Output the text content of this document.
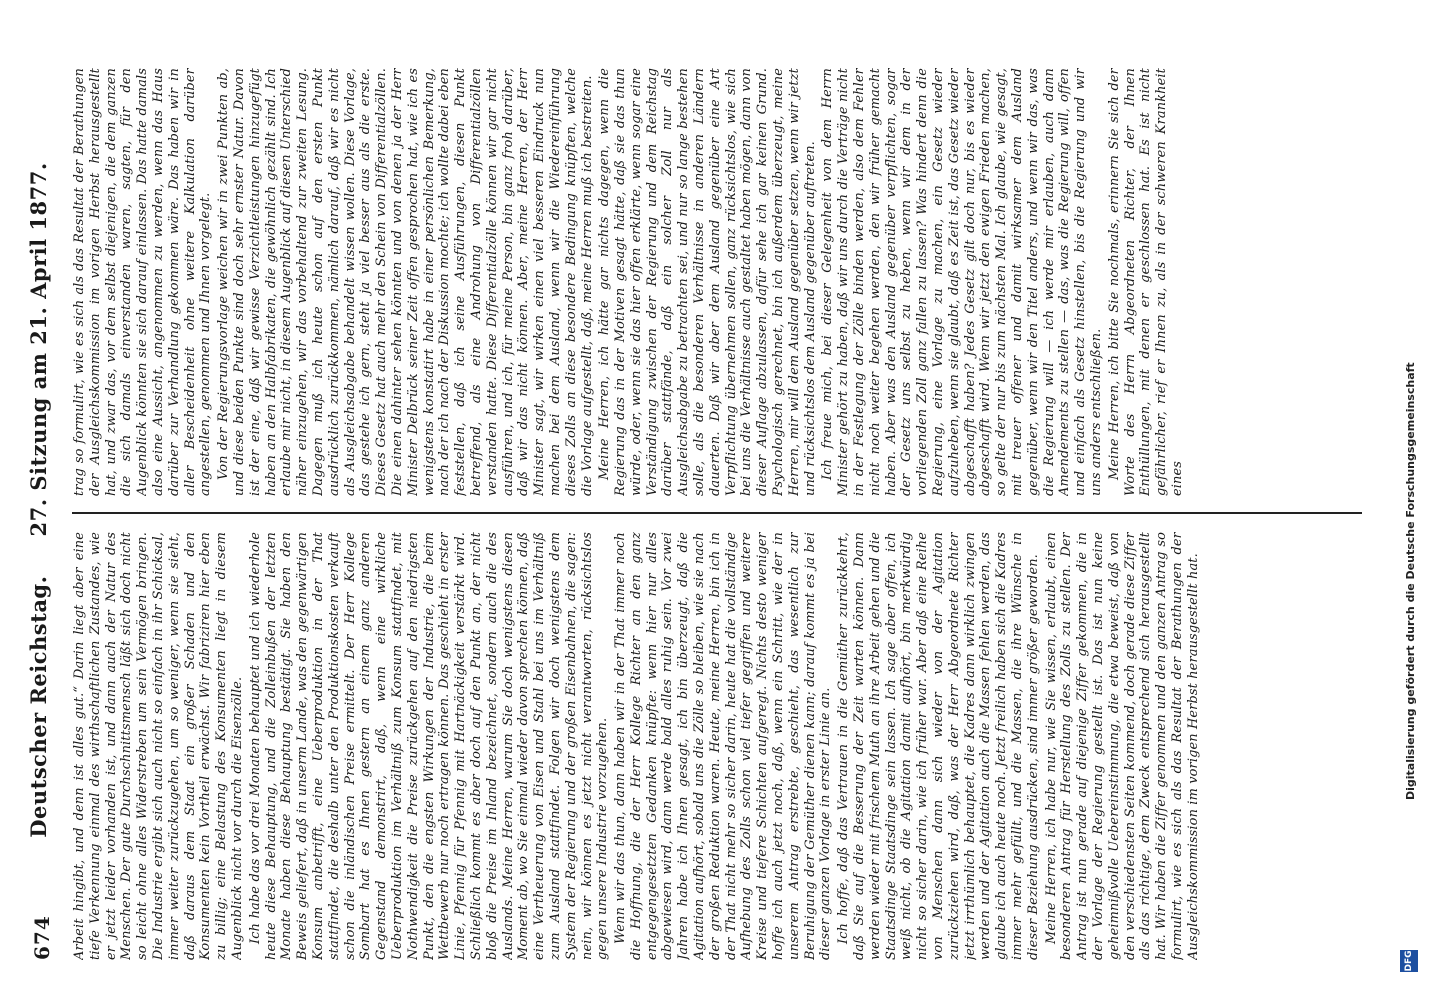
674
Deutscher Reichstag.     27. Sitzung am 21. April 1877.

Arbeit hingibt, und denn ist alles gut.“ Darin liegt aber eine tiefe Verkennung einmal des wirthschaftlichen Zustandes, wie er jetzt leider vorhanden ist, und dann auch der Natur des Menschen. Der gute Durchschnittsmensch läßt sich doch nicht so leicht ohne alles Widerstreben um sein Vermögen bringen. Die Industrie ergibt sich auch nicht so einfach in ihr Schicksal, immer weiter zurückzugehen, um so weniger, wenn sie sieht, daß daraus dem Staat ein großer Schaden und den Konsumenten kein Vortheil erwächst. Wir fabriziren hier eben zu billig; eine Belastung des Konsumenten liegt in diesem Augenblick nicht vor durch die Eisenzölle. Ich habe das vor drei Monaten behauptet und ich wiederhole heute diese Behauptung, und die Zolleinbußen der letzten Monate haben diese Behauptung bestätigt. Sie haben den Beweis geliefert, daß in unserm Lande, was den gegenwärtigen Konsum anbetrifft, eine Ueberproduktion in der That stattfindet, die deshalb unter den Produktionskosten verkauft schon die inländischen Preise ermittelt. Der Herr Kollege Sombart hat es Ihnen gestern an einem ganz anderen Gegenstand demonstrirt, daß, wenn eine wirkliche Ueberproduktion im Verhältniß zum Konsum stattfindet, mit Nothwendigkeit die Preise zurückgehen auf den niedrigsten Punkt, den die engsten Wirkungen der Industrie, die beim Wettbewerb nur noch ertragen können. Das geschieht in erster Linie, Pfennig für Pfennig mit Hartnäckigkeit verstärkt wird. Schließlich kommt es aber doch auf den Punkt an, der nicht bloß die Preise im Inland bezeichnet, sondern auch die des Auslands. Meine Herren, warum Sie doch wenigstens diesen Moment ab, wo Sie einmal wieder davon sprechen können, daß eine Vertheuerung von Eisen und Stahl bei uns im Verhältniß zum Ausland stattfindet. Folgen wir doch wenigstens dem System der Regierung und der großen Eisenbahnen, die sagen: nein, wir können es jetzt nicht verantworten, rücksichtslos gegen unsere Industrie vorzugehen. Wenn wir das thun, dann haben wir in der That immer noch die Hoffnung, die der Herr Kollege Richter an den ganz entgegengesetzten Gedanken knüpfte: wenn hier nur alles abgewiesen wird, dann werde bald alles ruhig sein. Vor zwei Jahren habe ich Ihnen gesagt, ich bin überzeugt, daß die Agitation aufhört, sobald uns die Zölle so bleiben, wie sie nach der großen Reduktion waren. Heute, meine Herren, bin ich in der That nicht mehr so sicher darin, heute hat die vollständige Aufhebung des Zolls schon viel tiefer gegriffen und weitere Kreise und tiefere Schichten aufgeregt. Nichts desto weniger hoffe ich auch jetzt noch, daß, wenn ein Schritt, wie der in unserem Antrag erstrebte, geschieht, das wesentlich zur Beruhigung der Gemüther dienen kann; darauf kommt es ja bei dieser ganzen Vorlage in erster Linie an. Ich hoffe, daß das Vertrauen in die Gemüther zurückkehrt, daß Sie auf die Besserung der Zeit warten können. Dann werden wieder mit frischem Muth an ihre Arbeit gehen und die Staatsdinge Staatsdinge sein lassen. Ich sage aber offen, ich weiß nicht, ob die Agitation damit aufhört, bin merkwürdig nicht so sicher darin, wie ich früher war. Aber daß eine Reihe von Menschen dann sich wieder von der Agitation zurückziehen wird, daß, was der Herr Abgeordnete Richter jetzt irrthümlich behauptet, die Kadres dann wirklich zwingen werden und der Agitation auch die Massen fehlen werden, das glaube ich auch heute noch. Jetzt freilich haben sich die Kadres immer mehr gefüllt, und die Massen, die ihre Wünsche in dieser Beziehung ausdrücken, sind immer größer geworden. Meine Herren, ich habe nur, wie Sie wissen, erlaubt, einen besonderen Antrag für Herstellung des Zolls zu stellen. Der Antrag ist nun gerade auf diejenige Ziffer gekommen, die in der Vorlage der Regierung gestellt ist. Das ist nun keine geheimnißvolle Uebereinstimmung, die etwa beweist, daß von den verschiedensten Seiten kommend, doch gerade diese Ziffer als das richtige, dem Zweck entsprechend sich herausgestellt hat. Wir haben die Ziffer genommen und den ganzen Antrag so formulirt, wie es sich als das Resultat der Berathungen der Ausgleichskommission im vorigen Herbst herausgestellt hat.

trag so formulirt, wie es sich als das Resultat der Berathungen der Ausgleichskommission im vorigen Herbst herausgestellt hat, und zwar das, vor dem selbst diejenigen, die dem ganzen die sich damals einverstanden waren, sagten, für den Augenblick könnten sie sich darauf einlassen. Das hatte damals also eine Aussicht, angenommen zu werden, wenn das Haus darüber zur Verhandlung gekommen wäre. Das haben wir in aller Bescheidenheit ohne weitere Kalkulation darüber angestellen, genommen und Ihnen vorgelegt. Von der Regierungsvorlage weichen wir in zwei Punkten ab, und diese beiden Punkte sind doch sehr ernster Natur. Davon ist der eine, daß wir gewisse Verzichtleistungen hinzugefügt haben an den Halbfabrikaten, die gewöhnlich gezählt sind. Ich erlaube mir nicht, in diesem Augenblick auf diesen Unterschied näher einzugehen, wir das vorbehaltend zur zweiten Lesung. Dagegen muß ich heute schon auf den ersten Punkt ausdrücklich zurückkommen, nämlich darauf, daß wir es nicht als Ausgleichsabgabe behandelt wissen wollen. Diese Vorlage, das gestehe ich gern, steht ja viel besser aus als die erste. Dieses Gesetz hat auch mehr den Schein von Differentialzöllen. Die einen dahinter sehen könnten und von denen ja der Herr Minister Delbrück seiner Zeit offen gesprochen hat, wie ich es wenigstens konstatirt habe in einer persönlichen Bemerkung, nach der ich nach der Diskussion mochte; ich wollte dabei eben feststellen, daß ich seine Ausführungen, diesen Punkt betreffend, als eine Androhung von Differentialzöllen verstanden hatte. Diese Differentialzölle können wir gar nicht ausführen, und ich, für meine Person, bin ganz froh darüber, daß wir das nicht können. Aber, meine Herren, der Herr Minister sagt, wir wirken einen viel besseren Eindruck nun machen bei dem Ausland, wenn wir die Wiedereinführung dieses Zolls an diese besondere Bedingung knüpften, welche die Vorlage aufgestellt, daß, meine Herren muß ich bestreiten. Meine Herren, ich hätte gar nichts dagegen, wenn die Regierung das in der Motiven gesagt hätte, daß sie das thun würde, oder, wenn sie das hier offen erklärte, wenn sogar eine Verständigung zwischen der Regierung und dem Reichstag darüber stattfände, daß ein solcher Zoll nur als Ausgleichsabgabe zu betrachten sei, und nur so lange bestehen solle, als die besonderen Verhältnisse in anderen Ländern dauerten. Daß wir aber dem Ausland gegenüber eine Art Verpflichtung übernehmen sollen, ganz rücksichtslos, wie sich bei uns die Verhältnisse auch gestaltet haben mögen, dann von dieser Auflage abzulassen, dafür sehe ich gar keinen Grund. Psychologisch gerechnet, bin ich außerdem überzeugt, meine Herren, mir will dem Ausland gegenüber setzen, wenn wir jetzt und rücksichtslos dem Ausland gegenüber auftreten. Ich freue mich, bei dieser Gelegenheit von dem Herrn Minister gehört zu haben, daß wir uns durch die Verträge nicht in der Festlegung der Zölle binden werden, also dem Fehler nicht noch weiter begehen werden, den wir früher gemacht haben. Aber was den Ausland gegenüber verpflichten, sogar der Gesetz uns selbst zu heben, wenn wir dem in der vorliegenden Zoll ganz fallen zu lassen? Was hindert denn die Regierung, eine Vorlage zu machen, ein Gesetz wieder aufzuheben, wenn sie glaubt, daß es Zeit ist, das Gesetz wieder abgeschafft haben? Jedes Gesetz gilt doch nur, bis es wieder abgeschafft wird. Wenn wir jetzt den ewigen Frieden machen, so gelte der nur bis zum nächsten Mal. Ich glaube, wie gesagt, mit treuer offener und damit wirksamer dem Ausland gegenüber, wenn wir den Titel anders, und wenn wir das, was die Regierung will — ich werde mir erlauben, auch dann Amendements zu stellen — das, was die Regierung will, offen und einfach als Gesetz hinstellen, bis die Regierung und wir uns anders entschließen. Meine Herren, ich bitte Sie nochmals, erinnern Sie sich der Worte des Herrn Abgeordneten Richter, der Ihnen Enthüllungen, mit denen er geschlossen hat. Es ist nicht gefährlicher, rief er Ihnen zu, als in der schweren Krankheit eines

DFG
Digitalisierung gefördert durch die Deutsche Forschungsgemeinschaft
